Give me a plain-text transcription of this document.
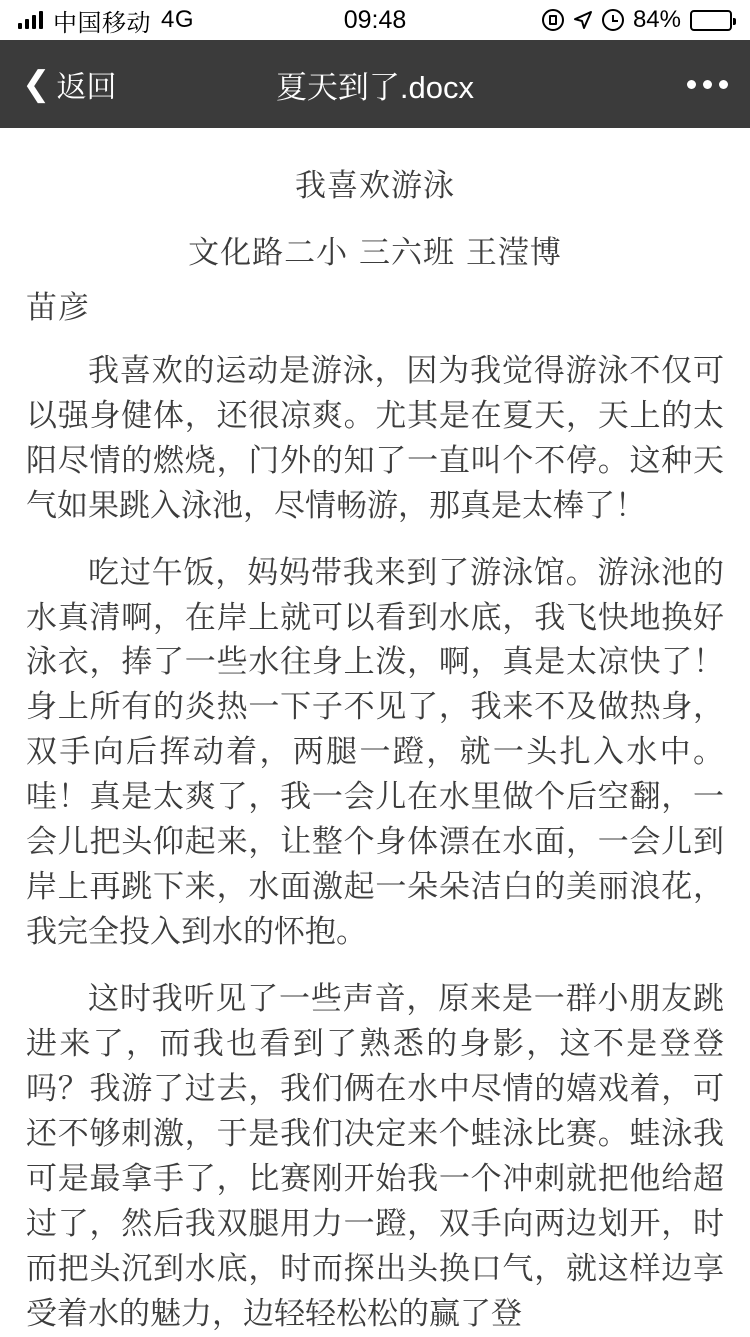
中国移动 4G	09:48	84%
❮ 返回	夏天到了.docx

我喜欢游泳

文化路二小 三六班 王滢博

苗彦

我喜欢的运动是游泳，因为我觉得游泳不仅可以强身健体，还很凉爽。尤其是在夏天，天上的太阳尽情的燃烧，门外的知了一直叫个不停。这种天气如果跳入泳池，尽情畅游，那真是太棒了！

吃过午饭，妈妈带我来到了游泳馆。游泳池的水真清啊，在岸上就可以看到水底，我飞快地换好泳衣，捧了一些水往身上泼，啊，真是太凉快了！身上所有的炎热一下子不见了，我来不及做热身，双手向后挥动着，两腿一蹬，就一头扎入水中。哇！真是太爽了，我一会儿在水里做个后空翻，一会儿把头仰起来，让整个身体漂在水面，一会儿到岸上再跳下来，水面激起一朵朵洁白的美丽浪花，我完全投入到水的怀抱。

这时我听见了一些声音，原来是一群小朋友跳进来了，而我也看到了熟悉的身影，这不是登登吗？我游了过去，我们俩在水中尽情的嬉戏着，可还不够刺激，于是我们决定来个蛙泳比赛。蛙泳我可是最拿手了，比赛刚开始我一个冲刺就把他给超过了，然后我双腿用力一蹬，双手向两边划开，时而把头沉到水底，时而探出头换口气，就这样边享受着水的魅力，边轻轻松松的赢了登
